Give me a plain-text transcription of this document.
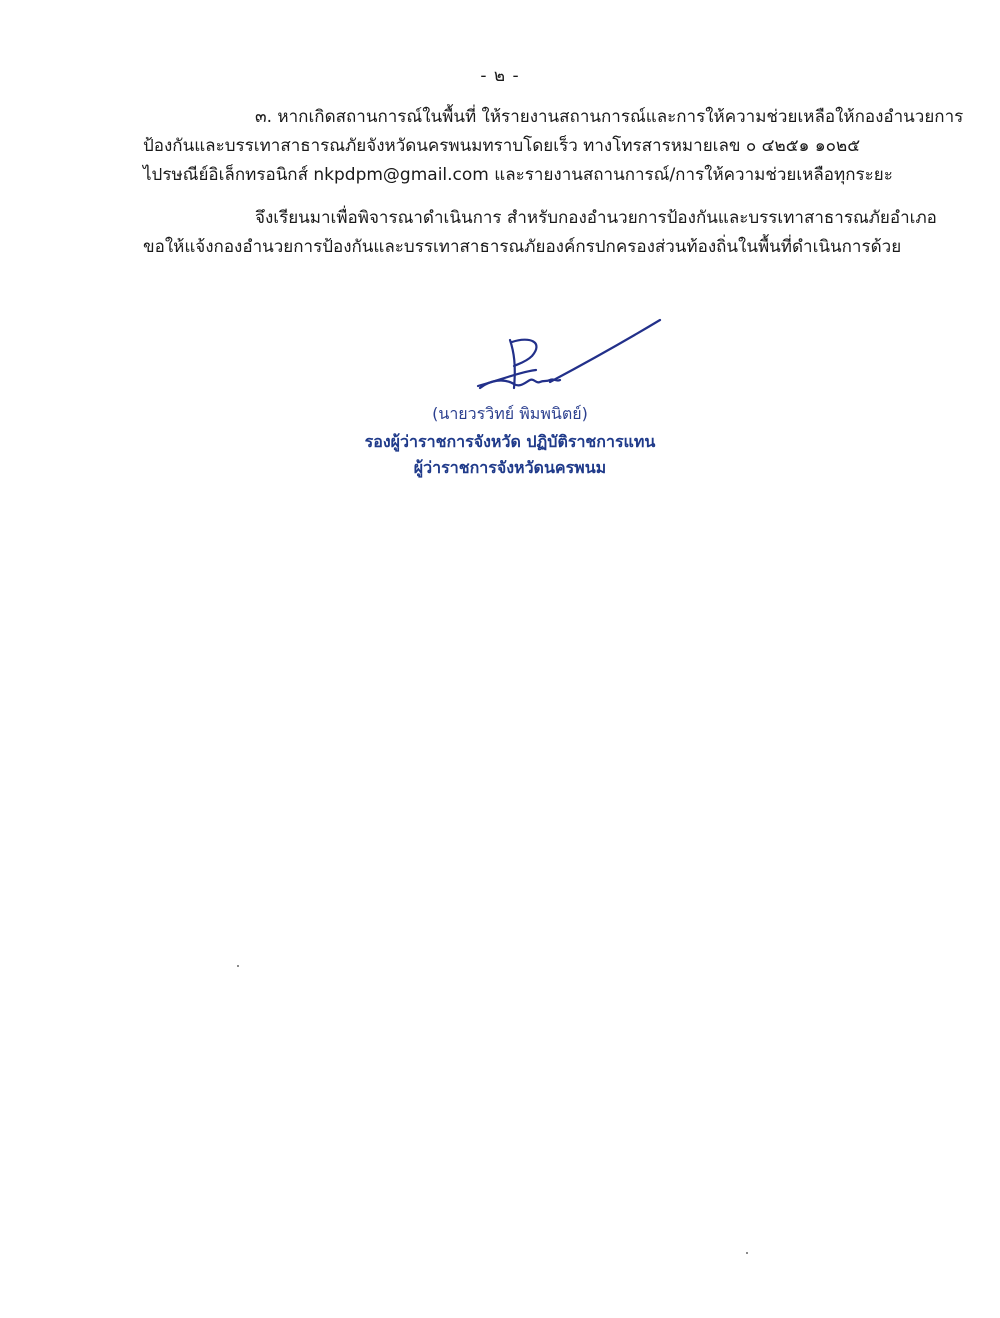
- ๒ -
๓. หากเกิดสถานการณ์ในพื้นที่ ให้รายงานสถานการณ์และการให้ความช่วยเหลือให้กองอำนวยการ
ป้องกันและบรรเทาสาธารณภัยจังหวัดนครพนมทราบโดยเร็ว ทางโทรสารหมายเลข ๐ ๔๒๕๑ ๑๐๒๕
ไปรษณีย์อิเล็กทรอนิกส์ nkpdpm@gmail.com และรายงานสถานการณ์/การให้ความช่วยเหลือทุกระยะ
จึงเรียนมาเพื่อพิจารณาดำเนินการ สำหรับกองอำนวยการป้องกันและบรรเทาสาธารณภัยอำเภอ
ขอให้แจ้งกองอำนวยการป้องกันและบรรเทาสาธารณภัยองค์กรปกครองส่วนท้องถิ่นในพื้นที่ดำเนินการด้วย
(นายวรวิทย์ พิมพนิตย์)
รองผู้ว่าราชการจังหวัด ปฏิบัติราชการแทน
ผู้ว่าราชการจังหวัดนครพนม
